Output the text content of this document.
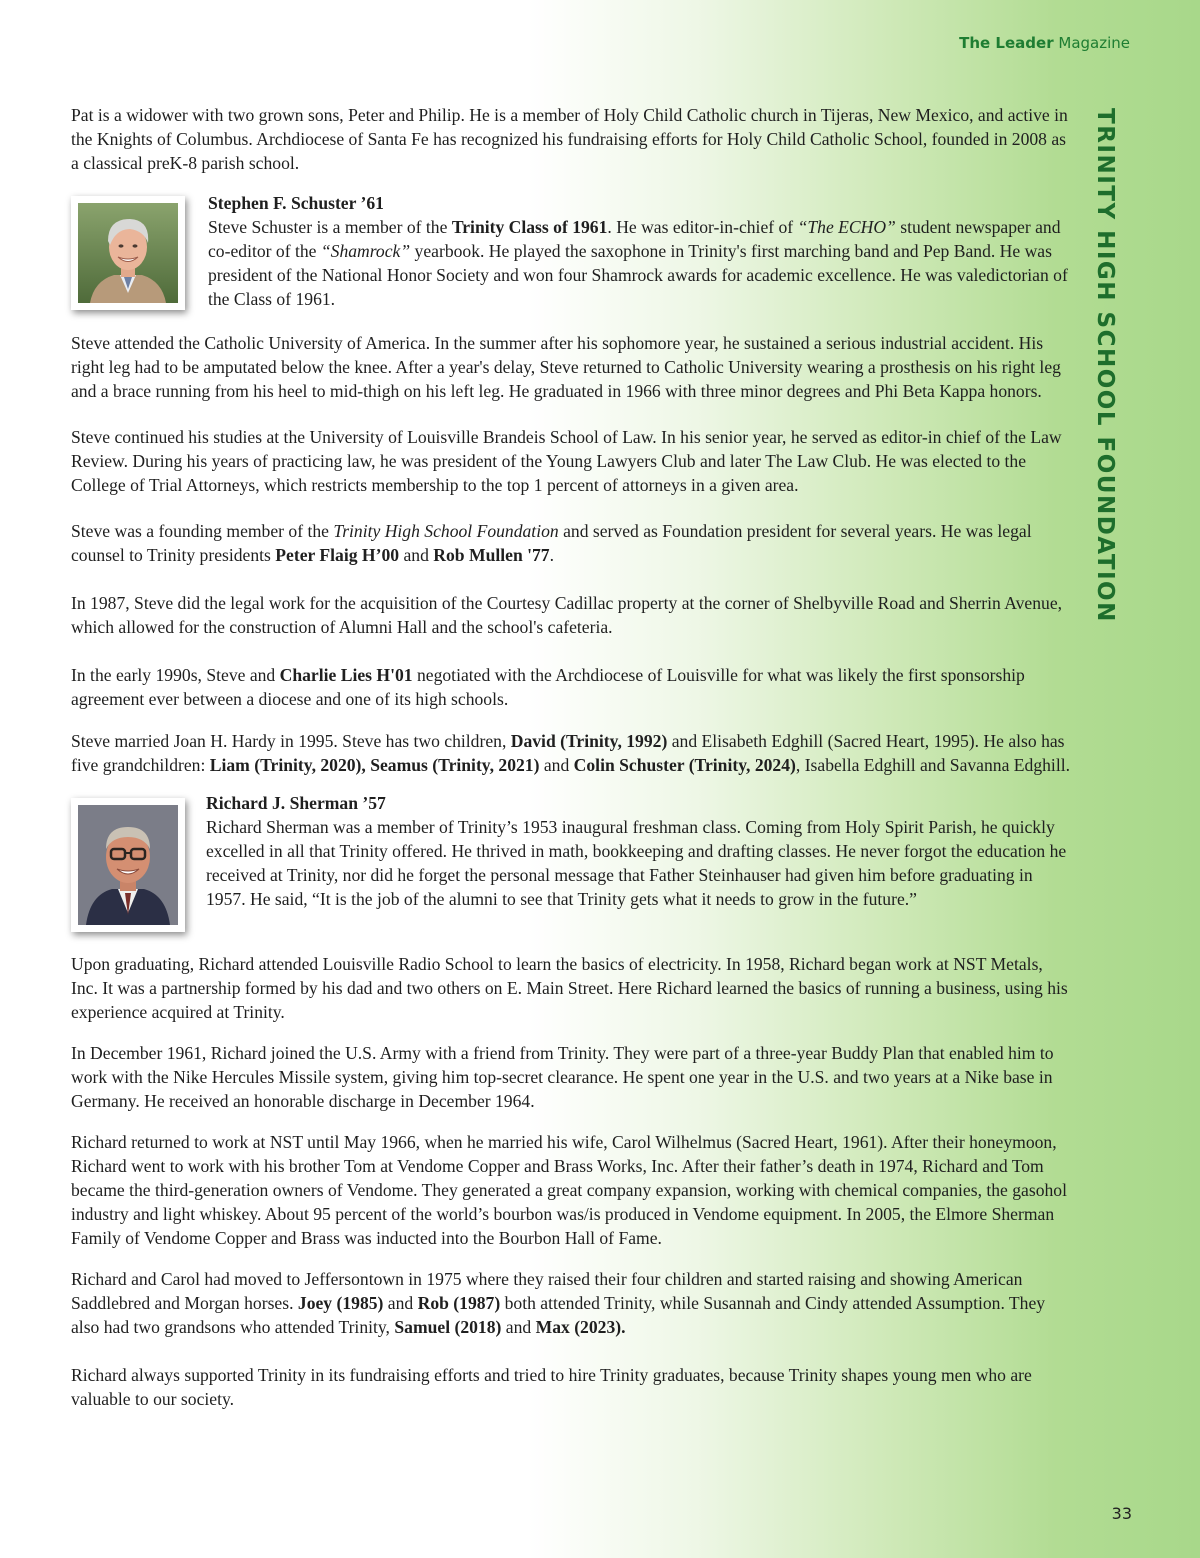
The Leader Magazine
TRINITY HIGH SCHOOL FOUNDATION

Pat is a widower with two grown sons, Peter and Philip. He is a member of Holy Child Catholic church in Tijeras, New Mexico, and active in the Knights of Columbus. Archdiocese of Santa Fe has recognized his fundraising efforts for Holy Child Catholic School, founded in 2008 as a classical preK-8 parish school.

Stephen F. Schuster ’61

Steve Schuster is a member of the Trinity Class of 1961. He was editor-in-chief of “The ECHO” student newspaper and co-editor of the “Shamrock” yearbook. He played the saxophone in Trinity's first marching band and Pep Band. He was president of the National Honor Society and won four Shamrock awards for academic excellence. He was valedictorian of the Class of 1961.

Steve attended the Catholic University of America. In the summer after his sophomore year, he sustained a serious industrial accident. His right leg had to be amputated below the knee. After a year's delay, Steve returned to Catholic University wearing a prosthesis on his right leg and a brace running from his heel to mid-thigh on his left leg. He graduated in 1966 with three minor degrees and Phi Beta Kappa honors.

Steve continued his studies at the University of Louisville Brandeis School of Law. In his senior year, he served as editor-in chief of the Law Review. During his years of practicing law, he was president of the Young Lawyers Club and later The Law Club. He was elected to the College of Trial Attorneys, which restricts membership to the top 1 percent of attorneys in a given area.

Steve was a founding member of the Trinity High School Foundation and served as Foundation president for several years. He was legal counsel to Trinity presidents Peter Flaig H’00 and Rob Mullen '77.

In 1987, Steve did the legal work for the acquisition of the Courtesy Cadillac property at the corner of Shelbyville Road and Sherrin Avenue, which allowed for the construction of Alumni Hall and the school's cafeteria.

In the early 1990s, Steve and Charlie Lies H'01 negotiated with the Archdiocese of Louisville for what was likely the first sponsorship agreement ever between a diocese and one of its high schools.

Steve married Joan H. Hardy in 1995. Steve has two children, David (Trinity, 1992) and Elisabeth Edghill (Sacred Heart, 1995). He also has five grandchildren: Liam (Trinity, 2020), Seamus (Trinity, 2021) and Colin Schuster (Trinity, 2024), Isabella Edghill and Savanna Edghill.

Richard J. Sherman ’57

Richard Sherman was a member of Trinity’s 1953 inaugural freshman class. Coming from Holy Spirit Parish, he quickly excelled in all that Trinity offered. He thrived in math, bookkeeping and drafting classes. He never forgot the education he received at Trinity, nor did he forget the personal message that Father Steinhauser had given him before graduating in 1957. He said, “It is the job of the alumni to see that Trinity gets what it needs to grow in the future.”

Upon graduating, Richard attended Louisville Radio School to learn the basics of electricity. In 1958, Richard began work at NST Metals, Inc. It was a partnership formed by his dad and two others on E. Main Street. Here Richard learned the basics of running a business, using his experience acquired at Trinity.

In December 1961, Richard joined the U.S. Army with a friend from Trinity. They were part of a three-year Buddy Plan that enabled him to work with the Nike Hercules Missile system, giving him top-secret clearance. He spent one year in the U.S. and two years at a Nike base in Germany. He received an honorable discharge in December 1964.

Richard returned to work at NST until May 1966, when he married his wife, Carol Wilhelmus (Sacred Heart, 1961). After their honeymoon, Richard went to work with his brother Tom at Vendome Copper and Brass Works, Inc. After their father’s death in 1974, Richard and Tom became the third-generation owners of Vendome. They generated a great company expansion, working with chemical companies, the gasohol industry and light whiskey. About 95 percent of the world’s bourbon was/is produced in Vendome equipment. In 2005, the Elmore Sherman Family of Vendome Copper and Brass was inducted into the Bourbon Hall of Fame.

Richard and Carol had moved to Jeffersontown in 1975 where they raised their four children and started raising and showing American Saddlebred and Morgan horses. Joey (1985) and Rob (1987) both attended Trinity, while Susannah and Cindy attended Assumption. They also had two grandsons who attended Trinity, Samuel (2018) and Max (2023).

Richard always supported Trinity in its fundraising efforts and tried to hire Trinity graduates, because Trinity shapes young men who are valuable to our society.

33
